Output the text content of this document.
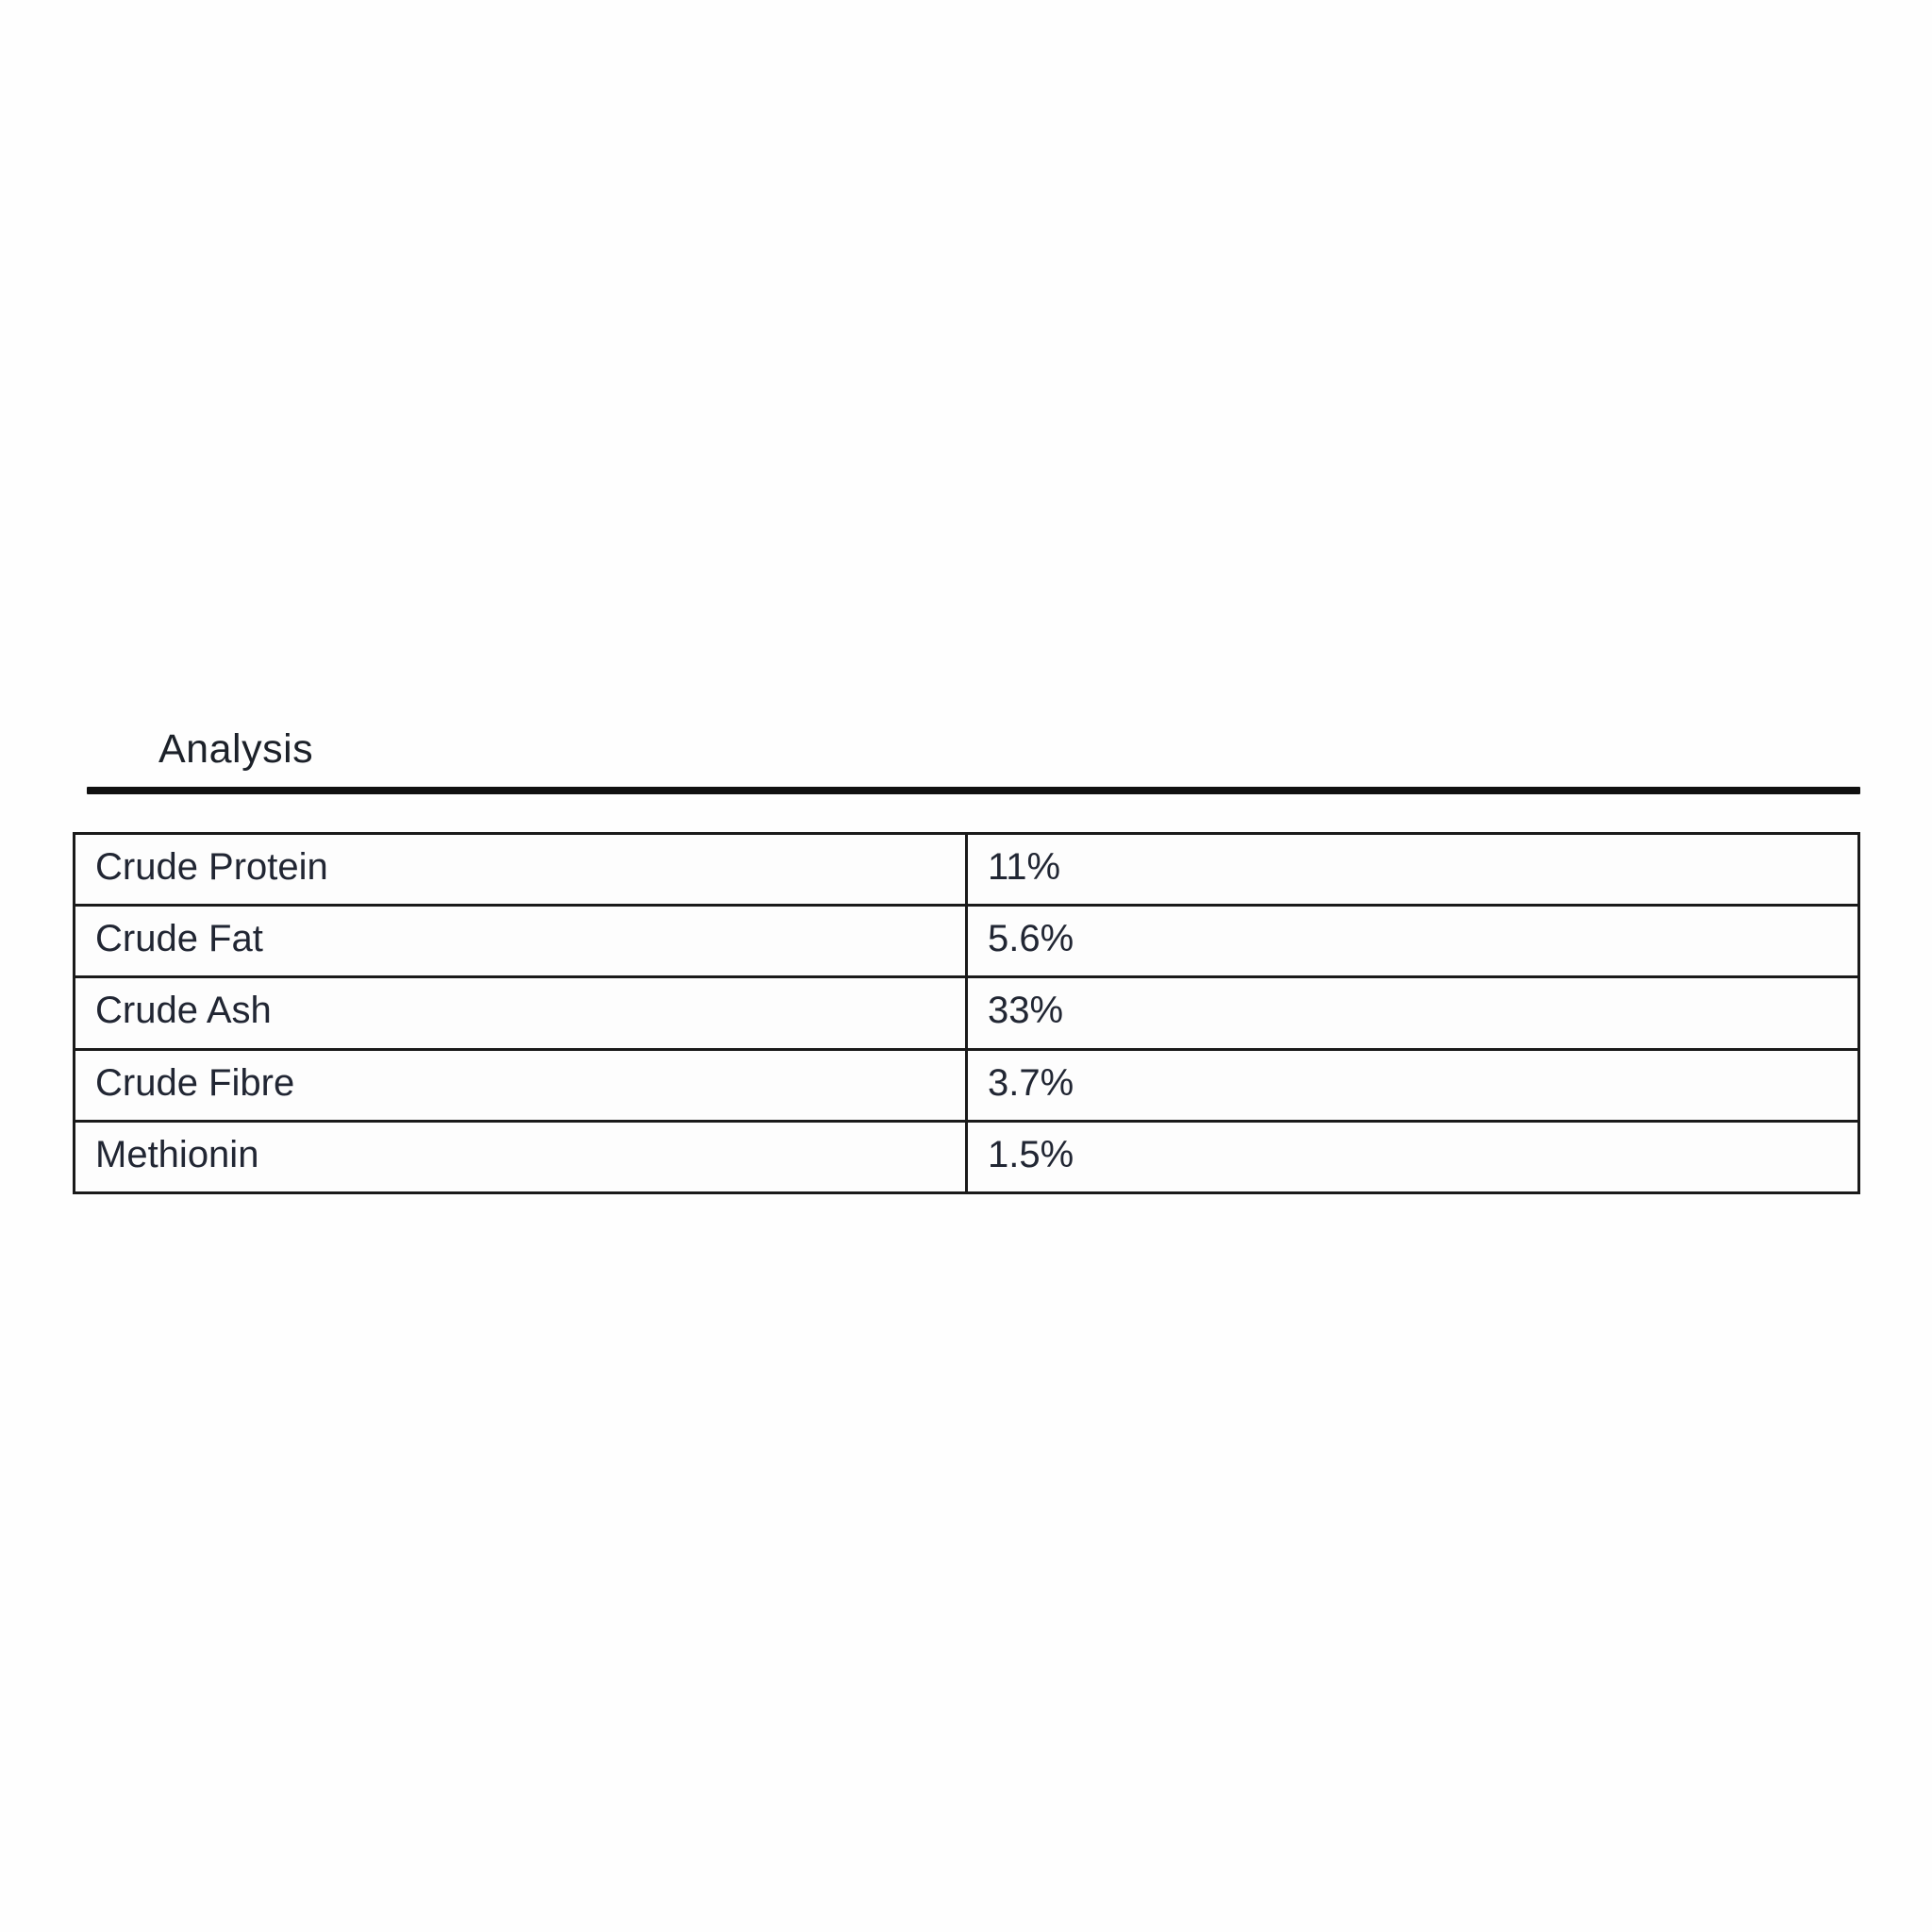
Analysis
Crude Protein	11%
Crude Fat	5.6%
Crude Ash	33%
Crude Fibre	3.7%
Methionin	1.5%
